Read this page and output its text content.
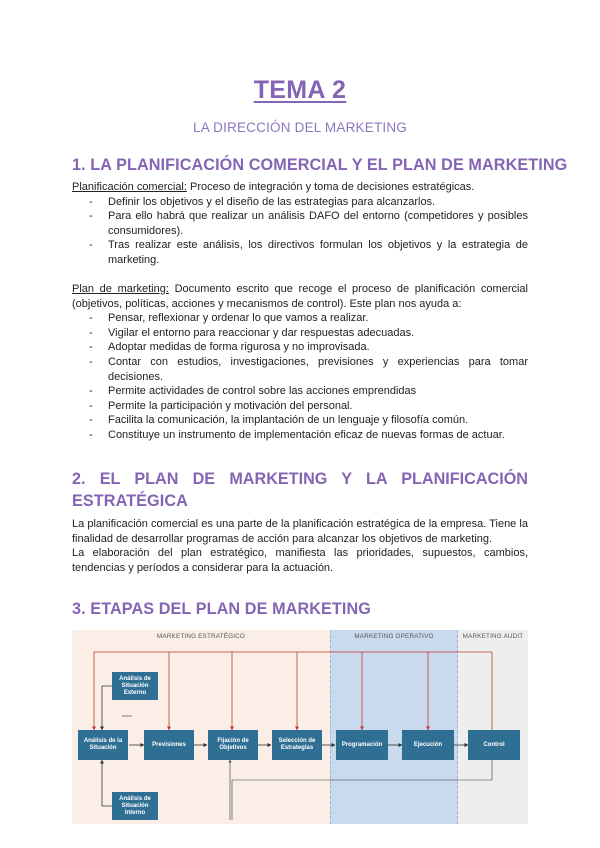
TEMA 2
LA DIRECCIÓN DEL MARKETING
1. LA PLANIFICACIÓN COMERCIAL Y EL PLAN DE MARKETING

Planificación comercial: Proceso de integración y toma de decisiones estratégicas.

- Definir los objetivos y el diseño de las estrategias para alcanzarlos.
- Para ello habrá que realizar un análisis DAFO del entorno (competidores y posibles consumidores).
- Tras realizar este análisis, los directivos formulan los objetivos y la estrategia de marketing.

Plan de marketing: Documento escrito que recoge el proceso de planificación comercial (objetivos, políticas, acciones y mecanismos de control). Este plan nos ayuda a:

- Pensar, reflexionar y ordenar lo que vamos a realizar.
- Vigilar el entorno para reaccionar y dar respuestas adecuadas.
- Adoptar medidas de forma rigurosa y no improvisada.
- Contar con estudios, investigaciones, previsiones y experiencias para tomar decisiones.
- Permite actividades de control sobre las acciones emprendidas
- Permite la participación y motivación del personal.
- Facilita la comunicación, la implantación de un lenguaje y filosofía común.
- Constituye un instrumento de implementación eficaz de nuevas formas de actuar.
2. EL PLAN DE MARKETING Y LA PLANIFICACIÓN
ESTRATÉGICA

La planificación comercial es una parte de la planificación estratégica de la empresa. Tiene la finalidad de desarrollar programas de acción para alcanzar los objetivos de marketing.

La elaboración del plan estratégico, manifiesta las prioridades, supuestos, cambios, tendencias y períodos a considerar para la actuación.

3. ETAPAS DEL PLAN DE MARKETING
MARKETING ESTRATÉGICO	MARKETING OPERATIVO	MARKETING AUDIT
Análisis de Situación Externo
Análisis de Situación Interno
Análisis de la Situación
Previsiones
Fijación de Objetivos
Selección de Estrategias
Programación	Ejecución	Control
